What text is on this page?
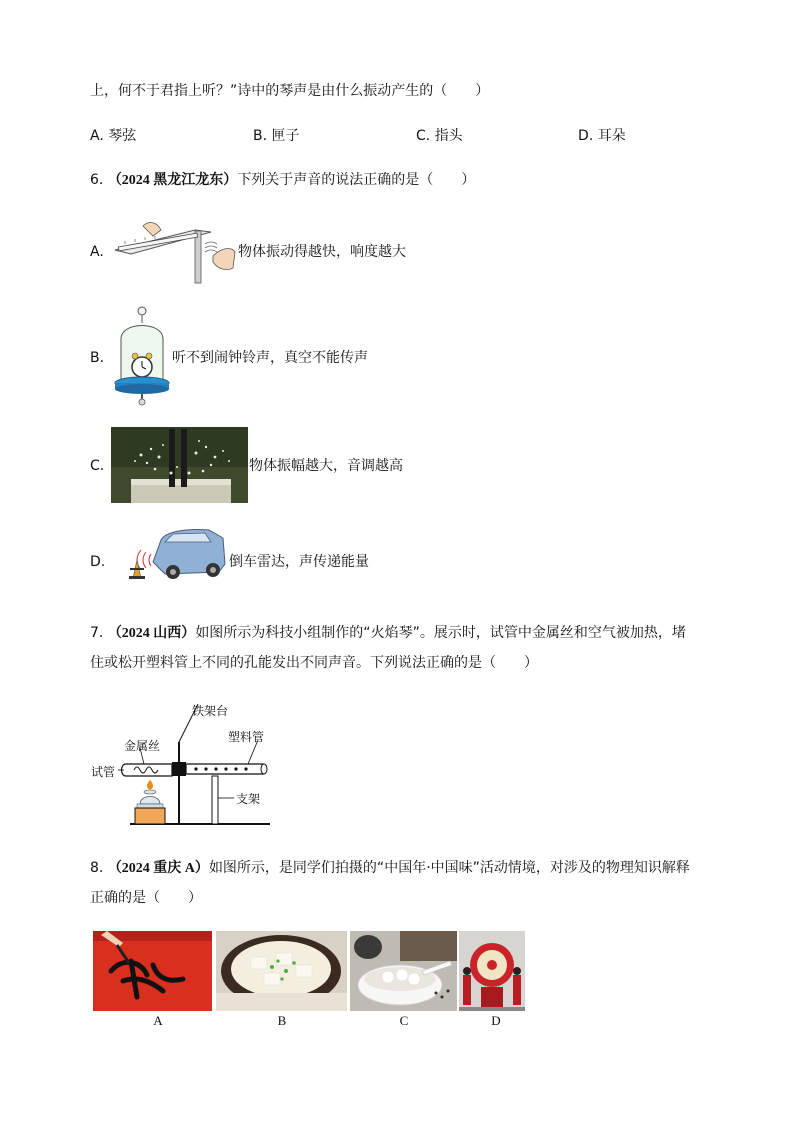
上，何不于君指上听？”诗中的琴声是由什么振动产生的（　　）
A. 琴弦	B. 匣子	C. 指头	D. 耳朵
6. （2024 黑龙江龙东）下列关于声音的说法正确的是（　　）
A.	物体振动得越快，响度越大
B.	听不到闹钟铃声，真空不能传声
C.	物体振幅越大，音调越高
D.	倒车雷达，声传递能量
7. （2024 山西）如图所示为科技小组制作的“火焰琴”。展示时，试管中金属丝和空气被加热，堵
住或松开塑料管上不同的孔能发出不同声音。下列说法正确的是（　　）
铁架台
塑料管
金属丝
试管
支架
8. （2024 重庆 A）如图所示，是同学们拍摄的“中国年·中国味”活动情境，对涉及的物理知识解释
正确的是（　　）
A	B	C	D
